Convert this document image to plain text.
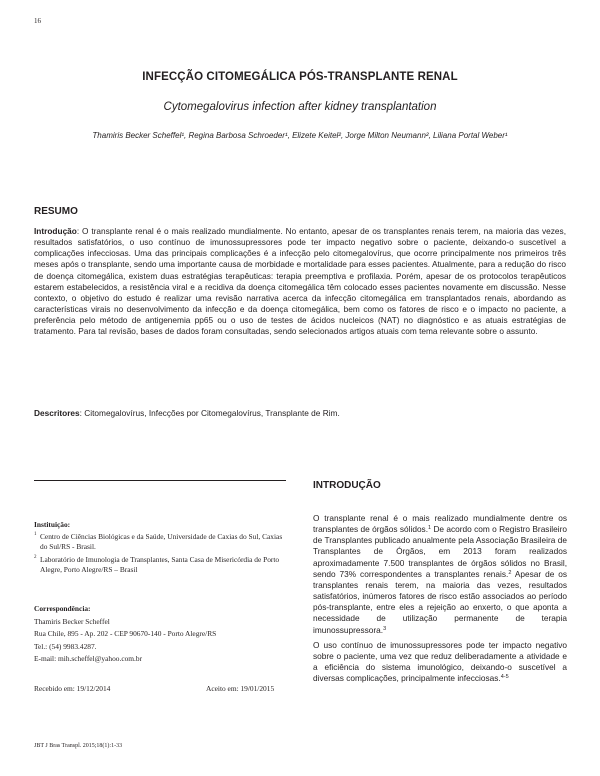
16
INFECÇÃO CITOMEGÁLICA PÓS-TRANSPLANTE RENAL
Cytomegalovirus infection after kidney transplantation
Thamiris Becker Scheffel¹, Regina Barbosa Schroeder¹, Elizete Keitel², Jorge Milton Neumann², Liliana Portal Weber¹
RESUMO
Introdução: O transplante renal é o mais realizado mundialmente. No entanto, apesar de os transplantes renais terem, na maioria das vezes, resultados satisfatórios, o uso contínuo de imunossupressores pode ter impacto negativo sobre o paciente, deixando-o suscetível a complicações infecciosas. Uma das principais complicações é a infecção pelo citomegalovírus, que ocorre principalmente nos primeiros três meses após o transplante, sendo uma importante causa de morbidade e mortalidade para esses pacientes. Atualmente, para a redução do risco de doença citomegálica, existem duas estratégias terapêuticas: terapia preemptiva e profilaxia. Porém, apesar de os protocolos terapêuticos estarem estabelecidos, a resistência viral e a recidiva da doença citomegálica têm colocado esses pacientes novamente em discussão. Nesse contexto, o objetivo do estudo é realizar uma revisão narrativa acerca da infecção citomegálica em transplantados renais, abordando as características virais no desenvolvimento da infecção e da doença citomegálica, bem como os fatores de risco e o impacto no paciente, a preferência pelo método de antigenemia pp65 ou o uso de testes de ácidos nucleicos (NAT) no diagnóstico e as atuais estratégias de tratamento. Para tal revisão, bases de dados foram consultadas, sendo selecionados artigos atuais com tema relevante sobre o assunto.
Descritores: Citomegalovírus, Infecções por Citomegalovírus, Transplante de Rim.
Instituição:
1 Centro de Ciências Biológicas e da Saúde, Universidade de Caxias do Sul, Caxias do Sul/RS - Brasil.
2 Laboratório de Imunologia de Transplantes, Santa Casa de Misericórdia de Porto Alegre, Porto Alegre/RS – Brasil
Correspondência:
Thamiris Becker Scheffel
Rua Chile, 895 - Ap. 202 - CEP 90670-140 - Porto Alegre/RS
Tel.: (54) 9983.4287.
E-mail: mih.scheffel@yahoo.com.br
Recebido em: 19/12/2014	Aceito em: 19/01/2015
JBT J Bras Transpl. 2015;18(1):1-33
INTRODUÇÃO

O transplante renal é o mais realizado mundialmente dentre os transplantes de órgãos sólidos.$^1$ De acordo com o Registro Brasileiro de Transplantes publicado anualmente pela Associação Brasileira de Transplantes de Órgãos, em 2013 foram realizados aproximadamente 7.500 transplantes de órgãos sólidos no Brasil, sendo 73% correspondentes a transplantes renais.$^2$ Apesar de os transplantes renais terem, na maioria das vezes, resultados satisfatórios, inúmeros fatores de risco estão associados ao período pós-transplante, entre eles a rejeição ao enxerto, o que aponta a necessidade de utilização permanente de terapia imunossupressora.$^3$

O uso contínuo de imunossupressores pode ter impacto negativo sobre o paciente, uma vez que reduz deliberadamente a atividade e a eficiência do sistema imunológico, deixando-o suscetível a diversas complicações, principalmente infecciosas.$^{4-5}$
